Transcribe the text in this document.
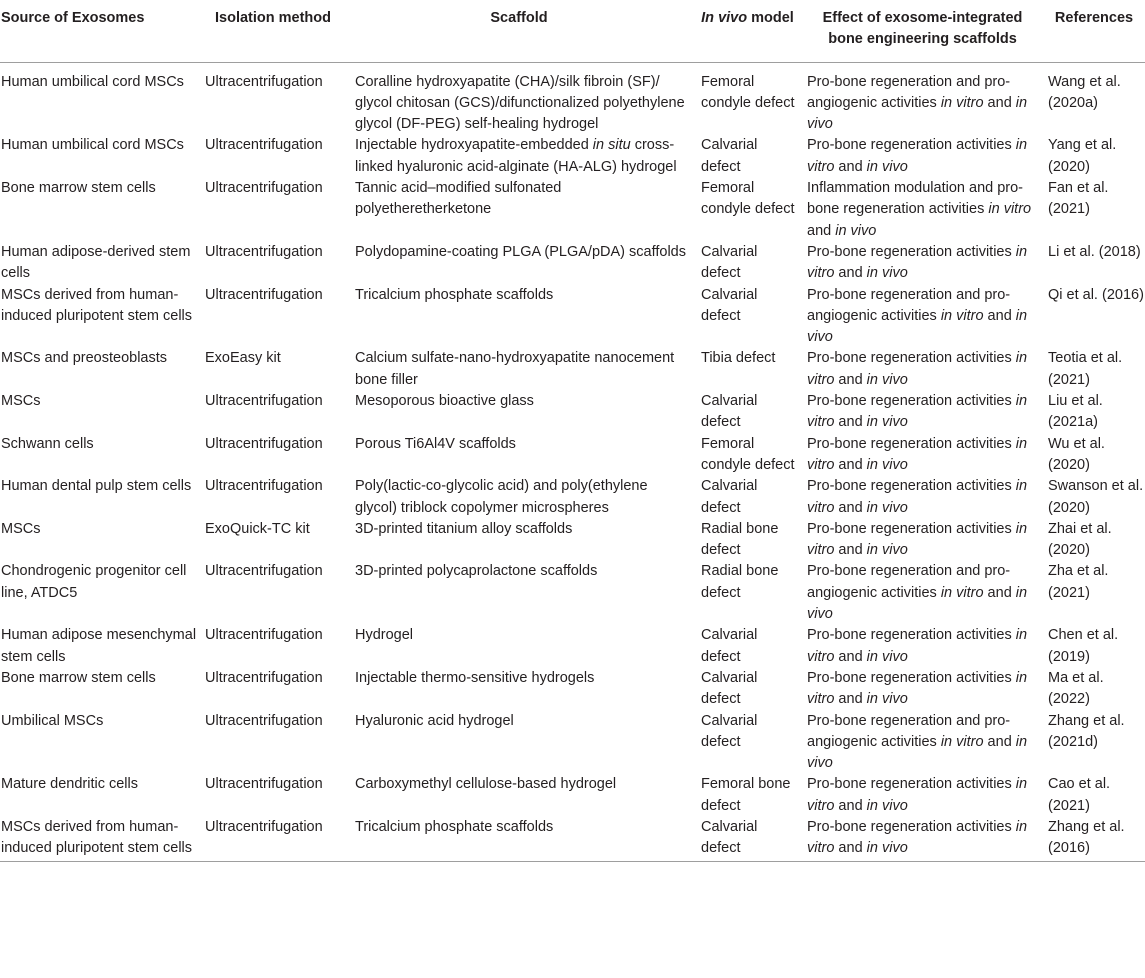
Source of Exosomes	Isolation method	Scaffold	In vivo model	Effect of exosome-integrated bone engineering scaffolds	References
Human umbilical cord MSCs	Ultracentrifugation	Coralline hydroxyapatite (CHA)/silk fibroin (SF)/ glycol chitosan (GCS)/difunctionalized polyethylene glycol (DF-PEG) self-healing hydrogel	Femoral condyle defect	Pro-bone regeneration and pro-angiogenic activities in vitro and in vivo	Wang et al. (2020a)
Human umbilical cord MSCs	Ultracentrifugation	Injectable hydroxyapatite-embedded in situ cross-linked hyaluronic acid-alginate (HA-ALG) hydrogel	Calvarial defect	Pro-bone regeneration activities in vitro and in vivo	Yang et al. (2020)
Bone marrow stem cells	Ultracentrifugation	Tannic acid–modified sulfonated polyetheretherketone	Femoral condyle defect	Inflammation modulation and pro-bone regeneration activities in vitro and in vivo	Fan et al. (2021)
Human adipose-derived stem cells	Ultracentrifugation	Polydopamine-coating PLGA (PLGA/pDA) scaffolds	Calvarial defect	Pro-bone regeneration activities in vitro and in vivo	Li et al. (2018)
MSCs derived from human-induced pluripotent stem cells	Ultracentrifugation	Tricalcium phosphate scaffolds	Calvarial defect	Pro-bone regeneration and pro-angiogenic activities in vitro and in vivo	Qi et al. (2016)
MSCs and preosteoblasts	ExoEasy kit	Calcium sulfate-nano-hydroxyapatite nanocement bone filler	Tibia defect	Pro-bone regeneration activities in vitro and in vivo	Teotia et al. (2021)
MSCs	Ultracentrifugation	Mesoporous bioactive glass	Calvarial defect	Pro-bone regeneration activities in vitro and in vivo	Liu et al. (2021a)
Schwann cells	Ultracentrifugation	Porous Ti6Al4V scaffolds	Femoral condyle defect	Pro-bone regeneration activities in vitro and in vivo	Wu et al. (2020)
Human dental pulp stem cells	Ultracentrifugation	Poly(lactic-co-glycolic acid) and poly(ethylene glycol) triblock copolymer microspheres	Calvarial defect	Pro-bone regeneration activities in vitro and in vivo	Swanson et al. (2020)
MSCs	ExoQuick-TC kit	3D-printed titanium alloy scaffolds	Radial bone defect	Pro-bone regeneration activities in vitro and in vivo	Zhai et al. (2020)
Chondrogenic progenitor cell line, ATDC5	Ultracentrifugation	3D-printed polycaprolactone scaffolds	Radial bone defect	Pro-bone regeneration and pro-angiogenic activities in vitro and in vivo	Zha et al. (2021)
Human adipose mesenchymal stem cells	Ultracentrifugation	Hydrogel	Calvarial defect	Pro-bone regeneration activities in vitro and in vivo	Chen et al. (2019)
Bone marrow stem cells	Ultracentrifugation	Injectable thermo-sensitive hydrogels	Calvarial defect	Pro-bone regeneration activities in vitro and in vivo	Ma et al. (2022)
Umbilical MSCs	Ultracentrifugation	Hyaluronic acid hydrogel	Calvarial defect	Pro-bone regeneration and pro-angiogenic activities in vitro and in vivo	Zhang et al. (2021d)
Mature dendritic cells	Ultracentrifugation	Carboxymethyl cellulose-based hydrogel	Femoral bone defect	Pro-bone regeneration activities in vitro and in vivo	Cao et al. (2021)
MSCs derived from human-induced pluripotent stem cells	Ultracentrifugation	Tricalcium phosphate scaffolds	Calvarial defect	Pro-bone regeneration activities in vitro and in vivo	Zhang et al. (2016)
